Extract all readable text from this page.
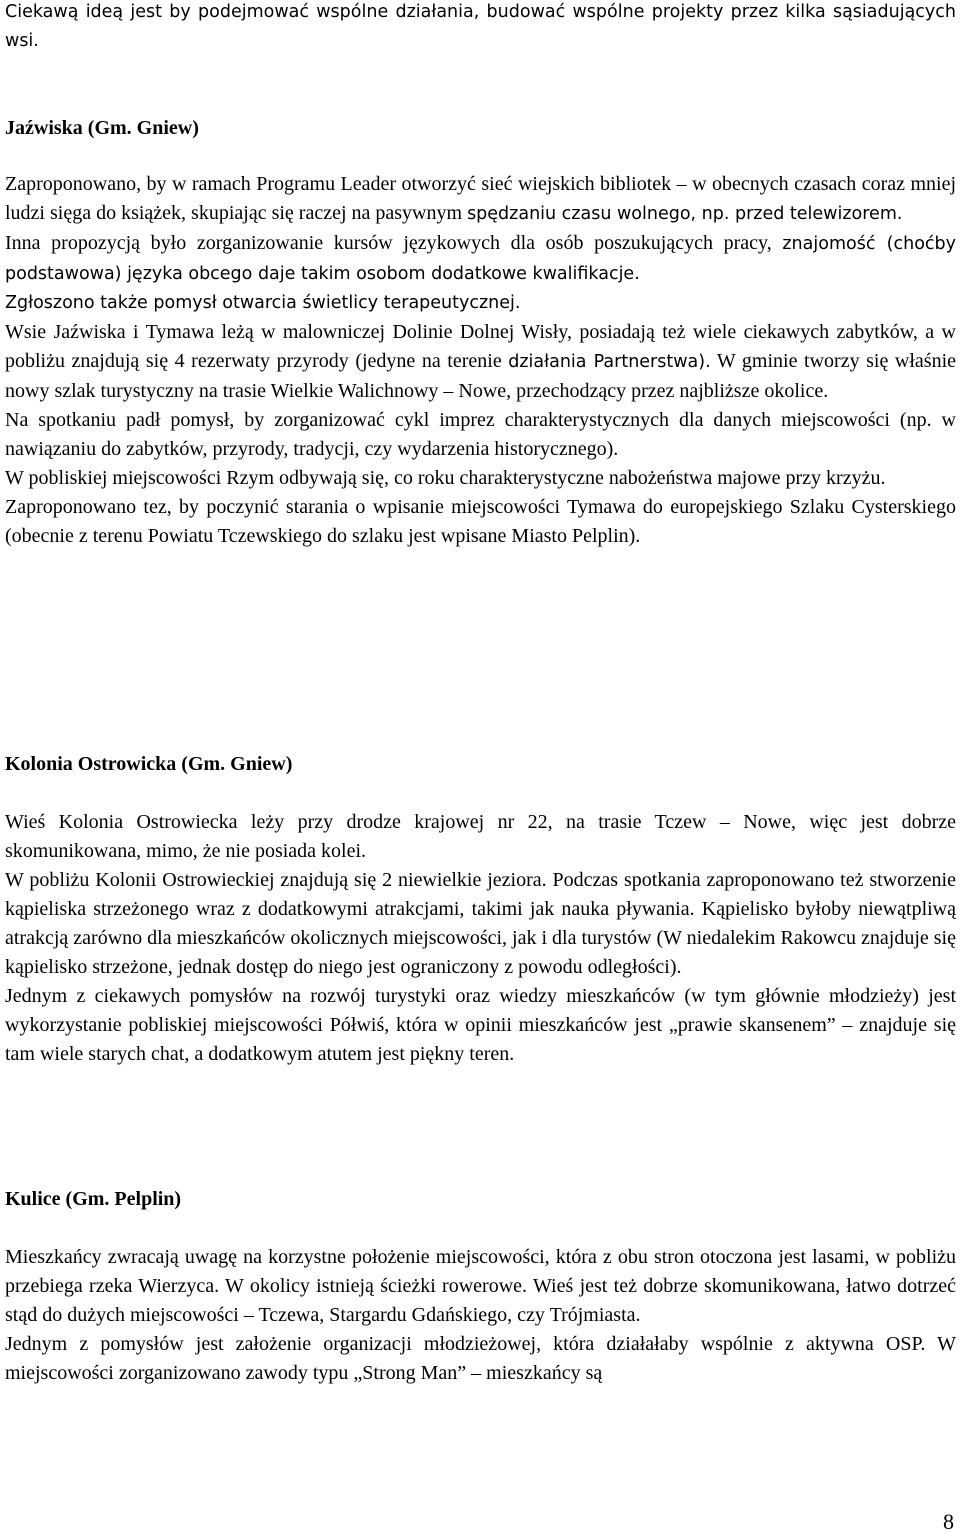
Ciekawą ideą jest by podejmować wspólne działania, budować wspólne projekty przez kilka sąsiadujących wsi.

Jaźwiska (Gm. Gniew)

Zaproponowano, by w ramach Programu Leader otworzyć sieć wiejskich bibliotek – w obecnych czasach coraz mniej ludzi sięga do książek, skupiając się raczej na pasywnym spędzaniu czasu wolnego, np. przed telewizorem.

Inna propozycją było zorganizowanie kursów językowych dla osób poszukujących pracy, znajomość (choćby podstawowa) języka obcego daje takim osobom dodatkowe kwalifikacje.

Zgłoszono także pomysł otwarcia świetlicy terapeutycznej.

Wsie Jaźwiska i Tymawa leżą w malowniczej Dolinie Dolnej Wisły, posiadają też wiele ciekawych zabytków, a w pobliżu znajdują się 4 rezerwaty przyrody (jedyne na terenie działania Partnerstwa). W gminie tworzy się właśnie nowy szlak turystyczny na trasie Wielkie Walichnowy – Nowe, przechodzący przez najbliższe okolice.

Na spotkaniu padł pomysł, by zorganizować cykl imprez charakterystycznych dla danych miejscowości (np. w nawiązaniu do zabytków, przyrody, tradycji, czy wydarzenia historycznego).

W pobliskiej miejscowości Rzym odbywają się, co roku charakterystyczne nabożeństwa majowe przy krzyżu.

Zaproponowano tez, by poczynić starania o wpisanie miejscowości Tymawa do europejskiego Szlaku Cysterskiego (obecnie z terenu Powiatu Tczewskiego do szlaku jest wpisane Miasto Pelplin).

Kolonia Ostrowicka (Gm. Gniew)

Wieś Kolonia Ostrowiecka leży przy drodze krajowej nr 22, na trasie Tczew – Nowe, więc jest dobrze skomunikowana, mimo, że nie posiada kolei.

W pobliżu Kolonii Ostrowieckiej znajdują się 2 niewielkie jeziora. Podczas spotkania zaproponowano też stworzenie kąpieliska strzeżonego wraz z dodatkowymi atrakcjami, takimi jak nauka pływania. Kąpielisko byłoby niewątpliwą atrakcją zarówno dla mieszkańców okolicznych miejscowości, jak i dla turystów (W niedalekim Rakowcu znajduje się kąpielisko strzeżone, jednak dostęp do niego jest ograniczony z powodu odległości).

Jednym z ciekawych pomysłów na rozwój turystyki oraz wiedzy mieszkańców (w tym głównie młodzieży) jest wykorzystanie pobliskiej miejscowości Półwiś, która w opinii mieszkańców jest „prawie skansenem” – znajduje się tam wiele starych chat, a dodatkowym atutem jest piękny teren.

Kulice (Gm. Pelplin)

Mieszkańcy zwracają uwagę na korzystne położenie miejscowości, która z obu stron otoczona jest lasami, w pobliżu przebiega rzeka Wierzyca. W okolicy istnieją ścieżki rowerowe. Wieś jest też dobrze skomunikowana, łatwo dotrzeć stąd do dużych miejscowości – Tczewa, Stargardu Gdańskiego, czy Trójmiasta.

Jednym z pomysłów jest założenie organizacji młodzieżowej, która działałaby wspólnie z aktywna OSP. W miejscowości zorganizowano zawody typu „Strong Man” – mieszkańcy są

8
